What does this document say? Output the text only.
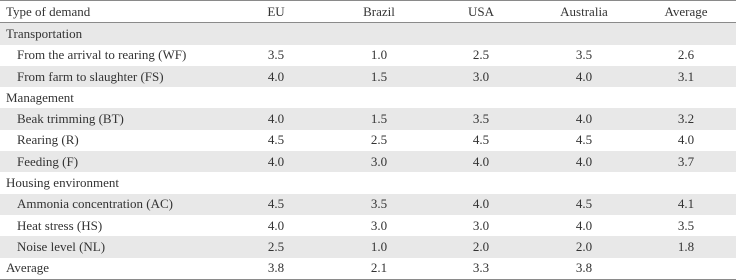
Type of demand	EU	Brazil	USA	Australia	Average
Transportation					
From the arrival to rearing (WF)	3.5	1.0	2.5	3.5	2.6
From farm to slaughter (FS)	4.0	1.5	3.0	4.0	3.1
Management					
Beak trimming (BT)	4.0	1.5	3.5	4.0	3.2
Rearing (R)	4.5	2.5	4.5	4.5	4.0
Feeding (F)	4.0	3.0	4.0	4.0	3.7
Housing environment					
Ammonia concentration (AC)	4.5	3.5	4.0	4.5	4.1
Heat stress (HS)	4.0	3.0	3.0	4.0	3.5
Noise level (NL)	2.5	1.0	2.0	2.0	1.8
Average	3.8	2.1	3.3	3.8	
